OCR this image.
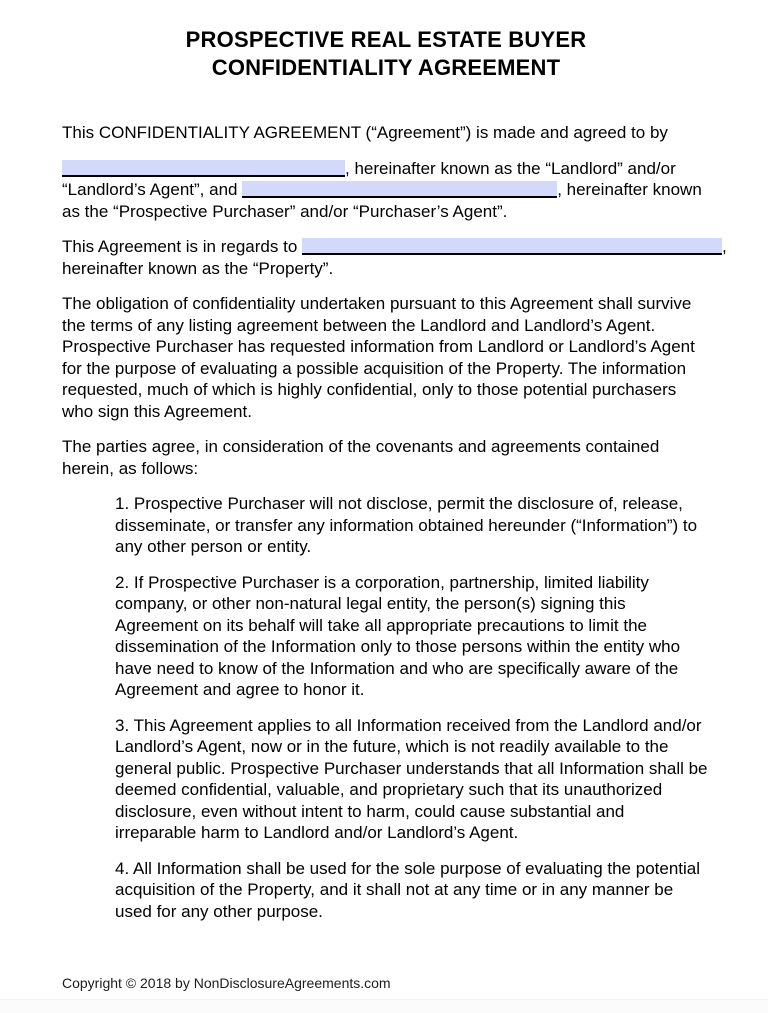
PROSPECTIVE REAL ESTATE BUYER
CONFIDENTIALITY AGREEMENT

This CONFIDENTIALITY AGREEMENT (“Agreement”) is made and agreed to by

, hereinafter known as the “Landlord” and/or “Landlord’s Agent”, and	, hereinafter known as the “Prospective Purchaser” and/or “Purchaser’s Agent”.

This Agreement is in regards to	, hereinafter known as the “Property”.

The obligation of confidentiality undertaken pursuant to this Agreement shall survive the terms of any listing agreement between the Landlord and Landlord’s Agent. Prospective Purchaser has requested information from Landlord or Landlord’s Agent for the purpose of evaluating a possible acquisition of the Property. The information requested, much of which is highly confidential, only to those potential purchasers who sign this Agreement.

The parties agree, in consideration of the covenants and agreements contained herein, as follows:

1. Prospective Purchaser will not disclose, permit the disclosure of, release, disseminate, or transfer any information obtained hereunder (“Information”) to any other person or entity.

2. If Prospective Purchaser is a corporation, partnership, limited liability company, or other non-natural legal entity, the person(s) signing this Agreement on its behalf will take all appropriate precautions to limit the dissemination of the Information only to those persons within the entity who have need to know of the Information and who are specifically aware of the Agreement and agree to honor it.

3. This Agreement applies to all Information received from the Landlord and/or Landlord’s Agent, now or in the future, which is not readily available to the general public. Prospective Purchaser understands that all Information shall be deemed confidential, valuable, and proprietary such that its unauthorized disclosure, even without intent to harm, could cause substantial and irreparable harm to Landlord and/or Landlord’s Agent.

4. All Information shall be used for the sole purpose of evaluating the potential acquisition of the Property, and it shall not at any time or in any manner be used for any other purpose.

Copyright © 2018 by NonDisclosureAgreements.com
